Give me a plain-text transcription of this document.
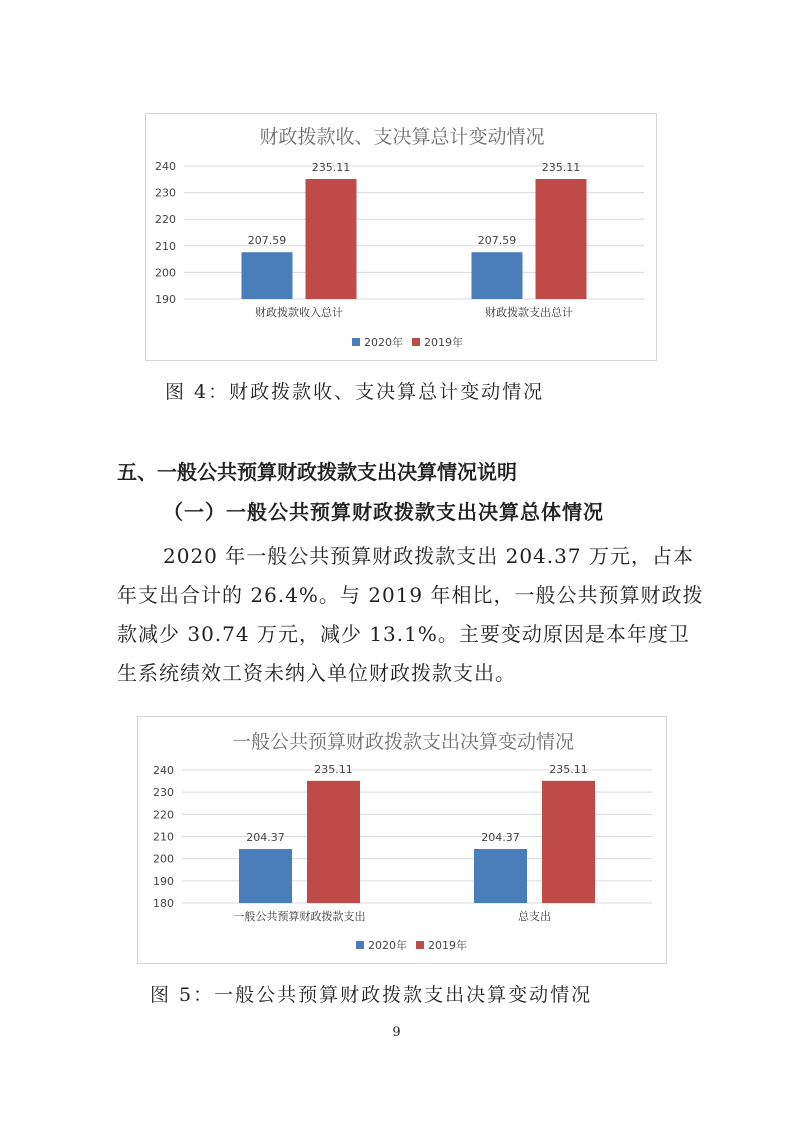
财政拨款收、支决算总计变动情况
190
200
210
220
230
240
207.59
235.11
财政拨款收入总计
207.59
235.11
财政拨款支出总计
2020年 2019年
图 4：财政拨款收、支决算总计变动情况
五、一般公共预算财政拨款支出决算情况说明
（一）一般公共预算财政拨款支出决算总体情况
2020 年一般公共预算财政拨款支出 204.37 万元，占本
年支出合计的 26.4%。与 2019 年相比，一般公共预算财政拨
款减少 30.74 万元，减少 13.1%。主要变动原因是本年度卫
生系统绩效工资未纳入单位财政拨款支出。
一般公共预算财政拨款支出决算变动情况
180
190
200
210
220
230
240
204.37
235.11
一般公共预算财政拨款支出
204.37
235.11
总支出
2020年 2019年
图 5：一般公共预算财政拨款支出决算变动情况
9
